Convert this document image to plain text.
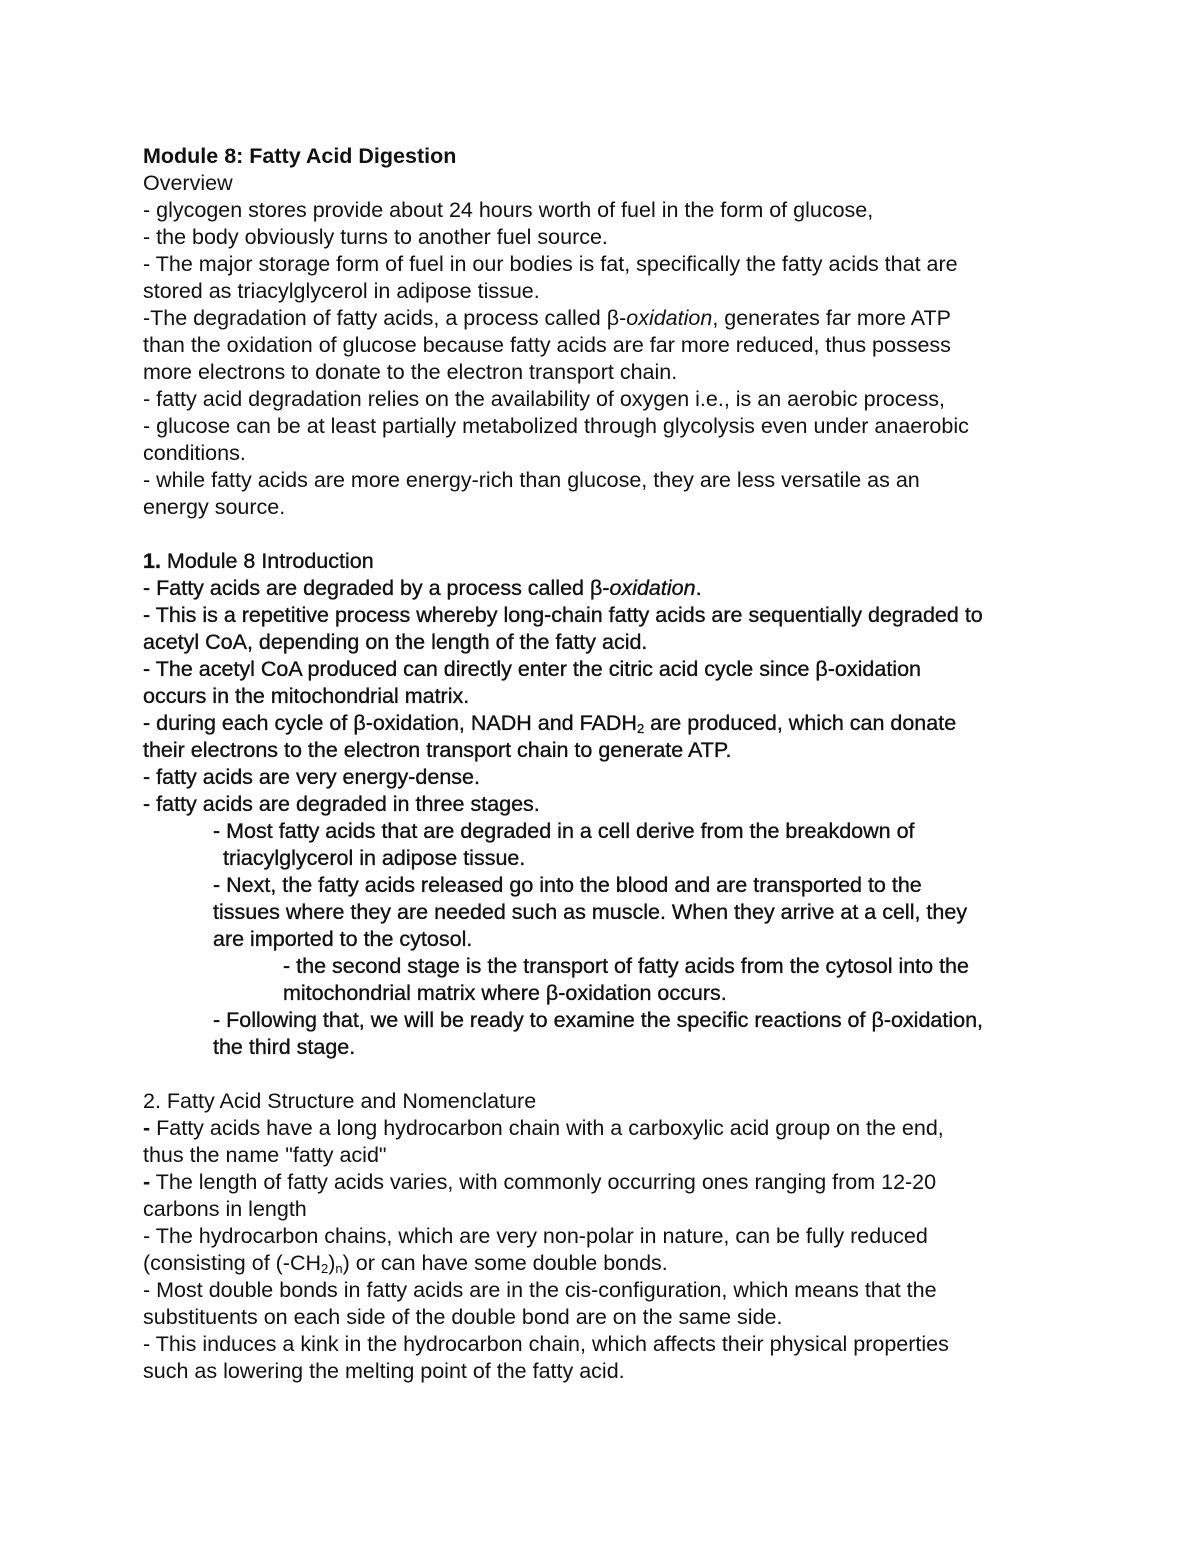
Module 8: Fatty Acid Digestion
Overview
- glycogen stores provide about 24 hours worth of fuel in the form of glucose,
- the body obviously turns to another fuel source.
- The major storage form of fuel in our bodies is fat, specifically the fatty acids that are
stored as triacylglycerol in adipose tissue.
-The degradation of fatty acids, a process called β-oxidation, generates far more ATP
than the oxidation of glucose because fatty acids are far more reduced, thus possess
more electrons to donate to the electron transport chain.
- fatty acid degradation relies on the availability of oxygen i.e., is an aerobic process,
- glucose can be at least partially metabolized through glycolysis even under anaerobic
conditions.
- while fatty acids are more energy-rich than glucose, they are less versatile as an
energy source.
1. Module 8 Introduction
- Fatty acids are degraded by a process called β-oxidation.
- This is a repetitive process whereby long-chain fatty acids are sequentially degraded to
acetyl CoA, depending on the length of the fatty acid.
- The acetyl CoA produced can directly enter the citric acid cycle since β-oxidation
occurs in the mitochondrial matrix.
- during each cycle of β-oxidation, NADH and $FADH_2$ are produced, which can donate
their electrons to the electron transport chain to generate ATP.
- fatty acids are very energy-dense.
- fatty acids are degraded in three stages.
- Most fatty acids that are degraded in a cell derive from the breakdown of
triacylglycerol in adipose tissue.
- Next, the fatty acids released go into the blood and are transported to the
tissues where they are needed such as muscle. When they arrive at a cell, they
are imported to the cytosol.
- the second stage is the transport of fatty acids from the cytosol into the
mitochondrial matrix where β-oxidation occurs.
- Following that, we will be ready to examine the specific reactions of β-oxidation,
the third stage.
2. Fatty Acid Structure and Nomenclature
- Fatty acids have a long hydrocarbon chain with a carboxylic acid group on the end,
thus the name "fatty acid"
- The length of fatty acids varies, with commonly occurring ones ranging from 12-20
carbons in length
- The hydrocarbon chains, which are very non-polar in nature, can be fully reduced
(consisting of $(-CH_2)_n$) or can have some double bonds.
- Most double bonds in fatty acids are in the cis-configuration, which means that the
substituents on each side of the double bond are on the same side.
- This induces a kink in the hydrocarbon chain, which affects their physical properties
such as lowering the melting point of the fatty acid.
